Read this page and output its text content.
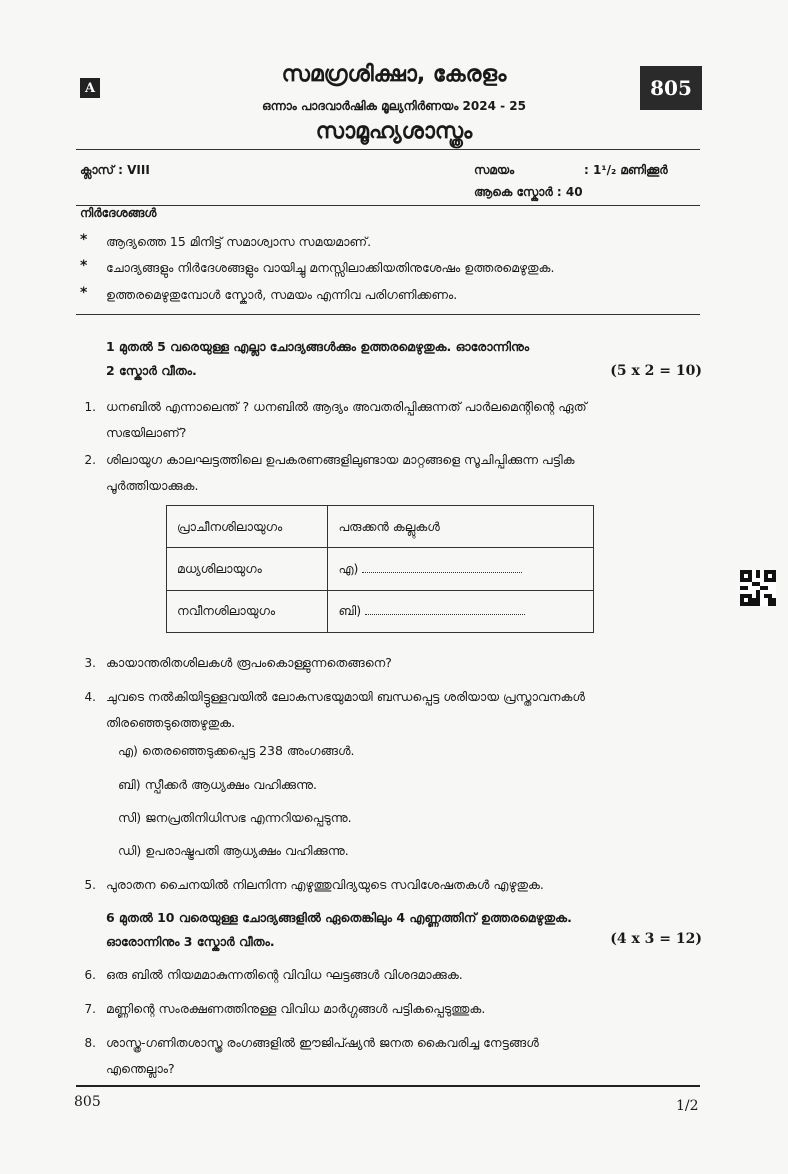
A	805
സമഗ്രശിക്ഷാ, കേരളം
ഒന്നാം പാദവാർഷിക മൂല്യനിർണയം 2024 - 25
സാമൂഹ്യശാസ്ത്രം
ക്ലാസ് : VIII	സമയം	: 1¹/₂ മണിക്കൂർ
ആകെ സ്കോർ : 40
നിർദേശങ്ങൾ
* ആദ്യത്തെ 15 മിനിട്ട് സമാശ്വാസ സമയമാണ്.
* ചോദ്യങ്ങളും നിർദേശങ്ങളും വായിച്ചു മനസ്സിലാക്കിയതിനുശേഷം ഉത്തരമെഴുതുക.
* ഉത്തരമെഴുതുമ്പോൾ സ്കോർ, സമയം എന്നിവ പരിഗണിക്കണം.
1 മുതൽ 5 വരെയുള്ള എല്ലാ ചോദ്യങ്ങൾക്കും ഉത്തരമെഴുതുക. ഓരോന്നിനും
2 സ്കോർ വീതം.	(5 x 2 = 10)
1. ധനബിൽ എന്നാലെന്ത് ? ധനബിൽ ആദ്യം അവതരിപ്പിക്കുന്നത് പാർലമെന്റിന്റെ ഏത്
സഭയിലാണ്?
2. ശിലായുഗ കാലഘട്ടത്തിലെ ഉപകരണങ്ങളിലുണ്ടായ മാറ്റങ്ങളെ സൂചിപ്പിക്കുന്ന പട്ടിക
പൂർത്തിയാക്കുക.
പ്രാചീനശിലായുഗം	പരുക്കൻ കല്ലുകൾ
മധ്യശിലായുഗം	എ)
നവീനശിലായുഗം	ബി)
3. കായാന്തരിതശിലകൾ രൂപംകൊള്ളുന്നതെങ്ങനെ?
4. ചുവടെ നൽകിയിട്ടുള്ളവയിൽ ലോകസഭയുമായി ബന്ധപ്പെട്ട ശരിയായ പ്രസ്താവനകൾ
തിരഞ്ഞെടുത്തെഴുതുക.
എ) തെരഞ്ഞെടുക്കപ്പെട്ട 238 അംഗങ്ങൾ.
ബി) സ്പീക്കർ ആധ്യക്ഷം വഹിക്കുന്നു.
സി) ജനപ്രതിനിധിസഭ എന്നറിയപ്പെടുന്നു.
ഡി) ഉപരാഷ്ട്രപതി ആധ്യക്ഷം വഹിക്കുന്നു.
5. പുരാതന ചൈനയിൽ നിലനിന്ന എഴുത്തുവിദ്യയുടെ സവിശേഷതകൾ എഴുതുക.
6 മുതൽ 10 വരെയുള്ള ചോദ്യങ്ങളിൽ ഏതെങ്കിലും 4 എണ്ണത്തിന് ഉത്തരമെഴുതുക.
ഓരോന്നിനും 3 സ്കോർ വീതം.	(4 x 3 = 12)
6. ഒരു ബിൽ നിയമമാകുന്നതിന്റെ വിവിധ ഘട്ടങ്ങൾ വിശദമാക്കുക.
7. മണ്ണിന്റെ സംരക്ഷണത്തിനുള്ള വിവിധ മാർഗ്ഗങ്ങൾ പട്ടികപ്പെടുത്തുക.
8. ശാസ്ത്ര-ഗണിതശാസ്ത്ര രംഗങ്ങളിൽ ഈജിപ്ഷ്യൻ ജനത കൈവരിച്ച നേട്ടങ്ങൾ
എന്തെല്ലാം?
805	1/2
